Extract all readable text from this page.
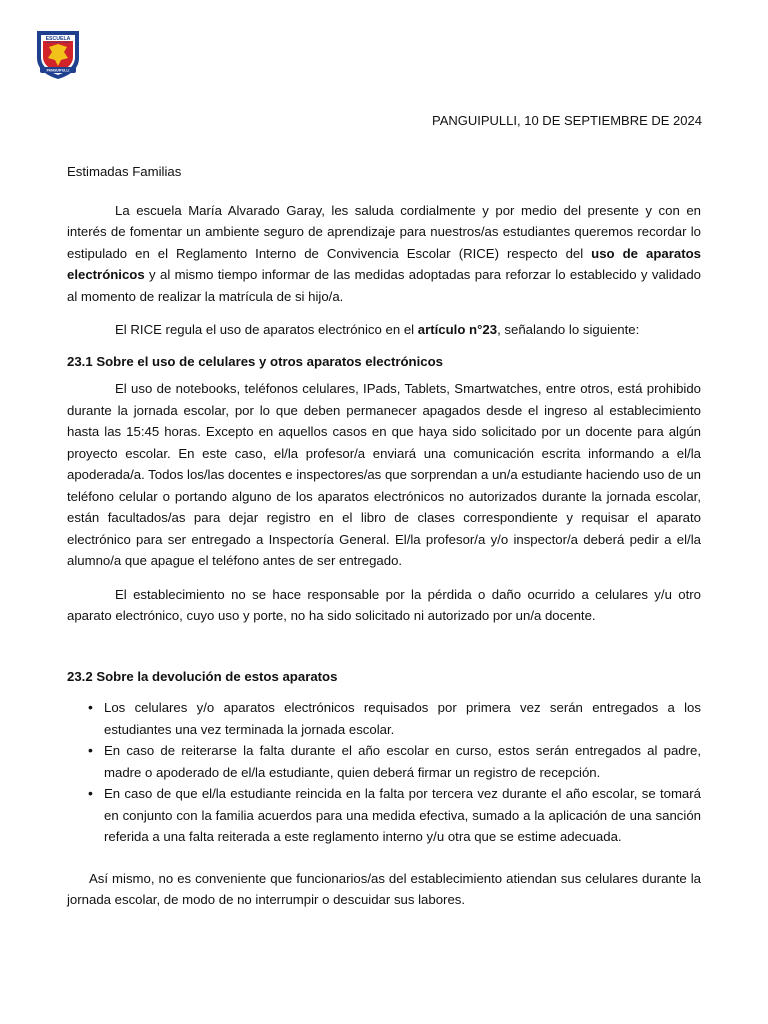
ESCUELA
MARÍA ALVARADO GARAY
PANGUIPULLI
PANGUIPULLI, 10 DE SEPTIEMBRE DE 2024

Estimadas Familias

La escuela María Alvarado Garay, les saluda cordialmente y por medio del presente y con en interés de fomentar un ambiente seguro de aprendizaje para nuestros/as estudiantes queremos recordar lo estipulado en el Reglamento Interno de Convivencia Escolar (RICE) respecto del uso de aparatos electrónicos y al mismo tiempo informar de las medidas adoptadas para reforzar lo establecido y validado al momento de realizar la matrícula de si hijo/a.

El RICE regula el uso de aparatos electrónico en el artículo n°23, señalando lo siguiente:

23.1 Sobre el uso de celulares y otros aparatos electrónicos

El uso de notebooks, teléfonos celulares, IPads, Tablets, Smartwatches, entre otros, está prohibido durante la jornada escolar, por lo que deben permanecer apagados desde el ingreso al establecimiento hasta las 15:45 horas. Excepto en aquellos casos en que haya sido solicitado por un docente para algún proyecto escolar. En este caso, el/la profesor/a enviará una comunicación escrita informando a el/la apoderada/a. Todos los/las docentes e inspectores/as que sorprendan a un/a estudiante haciendo uso de un teléfono celular o portando alguno de los aparatos electrónicos no autorizados durante la jornada escolar, están facultados/as para dejar registro en el libro de clases correspondiente y requisar el aparato electrónico para ser entregado a Inspectoría General. El/la profesor/a y/o inspector/a deberá pedir a el/la alumno/a que apague el teléfono antes de ser entregado.

El establecimiento no se hace responsable por la pérdida o daño ocurrido a celulares y/u otro aparato electrónico, cuyo uso y porte, no ha sido solicitado ni autorizado por un/a docente.

23.2 Sobre la devolución de estos aparatos

• Los celulares y/o aparatos electrónicos requisados por primera vez serán entregados a los estudiantes una vez terminada la jornada escolar.
• En caso de reiterarse la falta durante el año escolar en curso, estos serán entregados al padre, madre o apoderado de el/la estudiante, quien deberá firmar un registro de recepción.
• En caso de que el/la estudiante reincida en la falta por tercera vez durante el año escolar, se tomará en conjunto con la familia acuerdos para una medida efectiva, sumado a la aplicación de una sanción referida a una falta reiterada a este reglamento interno y/u otra que se estime adecuada.

Así mismo, no es conveniente que funcionarios/as del establecimiento atiendan sus celulares durante la jornada escolar, de modo de no interrumpir o descuidar sus labores.
